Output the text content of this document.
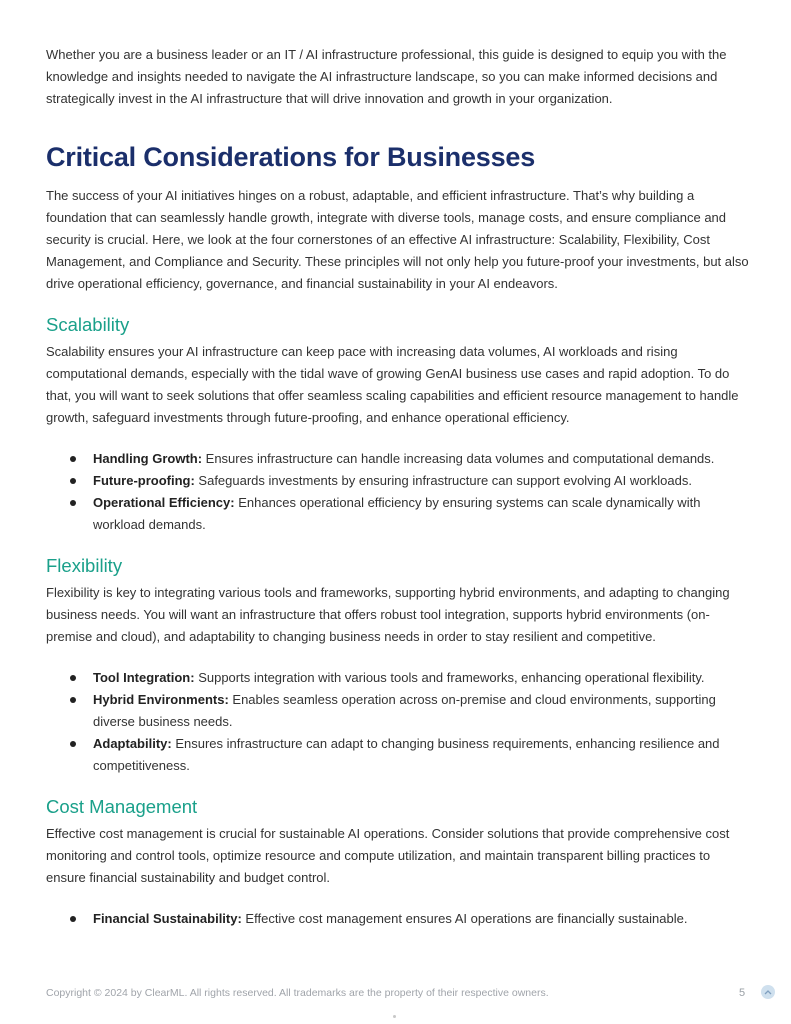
Whether you are a business leader or an IT / AI infrastructure professional, this guide is designed to equip you with the knowledge and insights needed to navigate the AI infrastructure landscape, so you can make informed decisions and strategically invest in the AI infrastructure that will drive innovation and growth in your organization.

Critical Considerations for Businesses

The success of your AI initiatives hinges on a robust, adaptable, and efficient infrastructure. That’s why building a foundation that can seamlessly handle growth, integrate with diverse tools, manage costs, and ensure compliance and security is crucial. Here, we look at the four cornerstones of an effective AI infrastructure: Scalability, Flexibility, Cost Management, and Compliance and Security. These principles will not only help you future-proof your investments, but also drive operational efficiency, governance, and financial sustainability in your AI endeavors.

Scalability

Scalability ensures your AI infrastructure can keep pace with increasing data volumes, AI workloads and rising computational demands, especially with the tidal wave of growing GenAI business use cases and rapid adoption. To do that, you will want to seek solutions that offer seamless scaling capabilities and efficient resource management to handle growth, safeguard investments through future-proofing, and enhance operational efficiency.

Handling Growth: Ensures infrastructure can handle increasing data volumes and computational demands.
Future-proofing: Safeguards investments by ensuring infrastructure can support evolving AI workloads.
Operational Efficiency: Enhances operational efficiency by ensuring systems can scale dynamically with workload demands.
Flexibility

Flexibility is key to integrating various tools and frameworks, supporting hybrid environments, and adapting to changing business needs. You will want an infrastructure that offers robust tool integration, supports hybrid environments (on-premise and cloud), and adaptability to changing business needs in order to stay resilient and competitive.

Tool Integration: Supports integration with various tools and frameworks, enhancing operational flexibility.
Hybrid Environments: Enables seamless operation across on-premise and cloud environments, supporting diverse business needs.
Adaptability: Ensures infrastructure can adapt to changing business requirements, enhancing resilience and competitiveness.
Cost Management

Effective cost management is crucial for sustainable AI operations. Consider solutions that provide comprehensive cost monitoring and control tools, optimize resource and compute utilization, and maintain transparent billing practices to ensure financial sustainability and budget control.

Financial Sustainability: Effective cost management ensures AI operations are financially sustainable.
Copyright © 2024 by ClearML. All rights reserved. All trademarks are the property of their respective owners.	5
